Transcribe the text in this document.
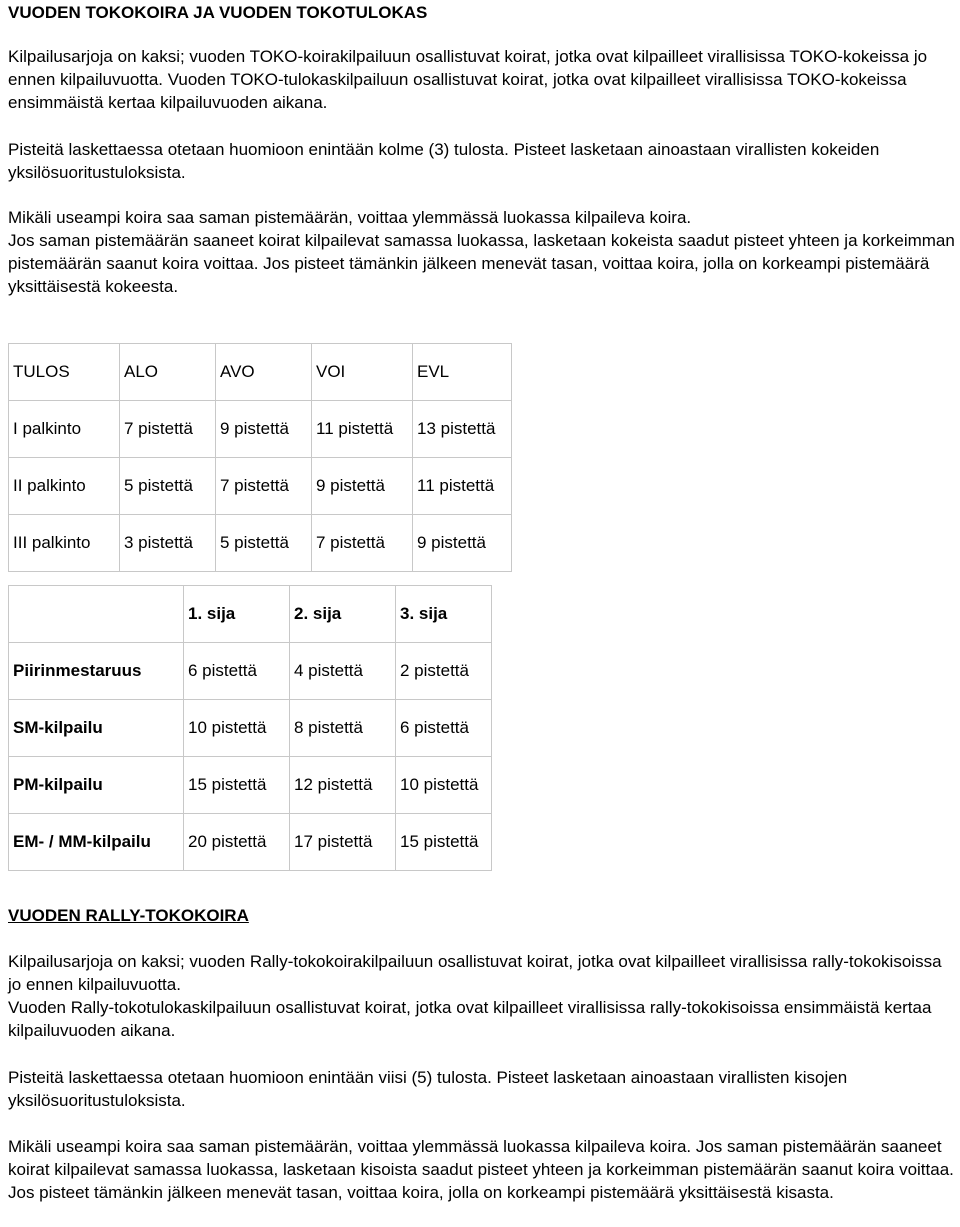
VUODEN TOKOKOIRA JA VUODEN TOKOTULOKAS

Kilpailusarjoja on kaksi; vuoden TOKO-koirakilpailuun osallistuvat koirat, jotka ovat kilpailleet virallisissa TOKO-kokeissa jo ennen kilpailuvuotta. Vuoden TOKO-tulokaskilpailuun osallistuvat koirat, jotka ovat kilpailleet virallisissa TOKO-kokeissa ensimmäistä kertaa kilpailuvuoden aikana.

Pisteitä laskettaessa otetaan huomioon enintään kolme (3) tulosta. Pisteet lasketaan ainoastaan virallisten kokeiden yksilösuoritustuloksista.

Mikäli useampi koira saa saman pistemäärän, voittaa ylemmässä luokassa kilpaileva koira.

Jos saman pistemäärän saaneet koirat kilpailevat samassa luokassa, lasketaan kokeista saadut pisteet yhteen ja korkeimman pistemäärän saanut koira voittaa. Jos pisteet tämänkin jälkeen menevät tasan, voittaa koira, jolla on korkeampi pistemäärä yksittäisestä kokeesta.

TULOS	ALO	AVO	VOI	EVL
I palkinto	7 pistettä	9 pistettä	11 pistettä	13 pistettä
II palkinto	5 pistettä	7 pistettä	9 pistettä	11 pistettä
III palkinto	3 pistettä	5 pistettä	7 pistettä	9 pistettä
	1. sija	2. sija	3. sija
Piirinmestaruus	6 pistettä	4 pistettä	2 pistettä
SM-kilpailu	10 pistettä	8 pistettä	6 pistettä
PM-kilpailu	15 pistettä	12 pistettä	10 pistettä
EM- / MM-kilpailu	20 pistettä	17 pistettä	15 pistettä
VUODEN RALLY-TOKOKOIRA

Kilpailusarjoja on kaksi; vuoden Rally-tokokoirakilpailuun osallistuvat koirat, jotka ovat kilpailleet virallisissa rally-tokokisoissa jo ennen kilpailuvuotta.

Vuoden Rally-tokotulokaskilpailuun osallistuvat koirat, jotka ovat kilpailleet virallisissa rally-tokokisoissa ensimmäistä kertaa kilpailuvuoden aikana.

Pisteitä laskettaessa otetaan huomioon enintään viisi (5) tulosta. Pisteet lasketaan ainoastaan virallisten kisojen yksilösuoritustuloksista.

Mikäli useampi koira saa saman pistemäärän, voittaa ylemmässä luokassa kilpaileva koira. Jos saman pistemäärän saaneet koirat kilpailevat samassa luokassa, lasketaan kisoista saadut pisteet yhteen ja korkeimman pistemäärän saanut koira voittaa. Jos pisteet tämänkin jälkeen menevät tasan, voittaa koira, jolla on korkeampi pistemäärä yksittäisestä kisasta.
